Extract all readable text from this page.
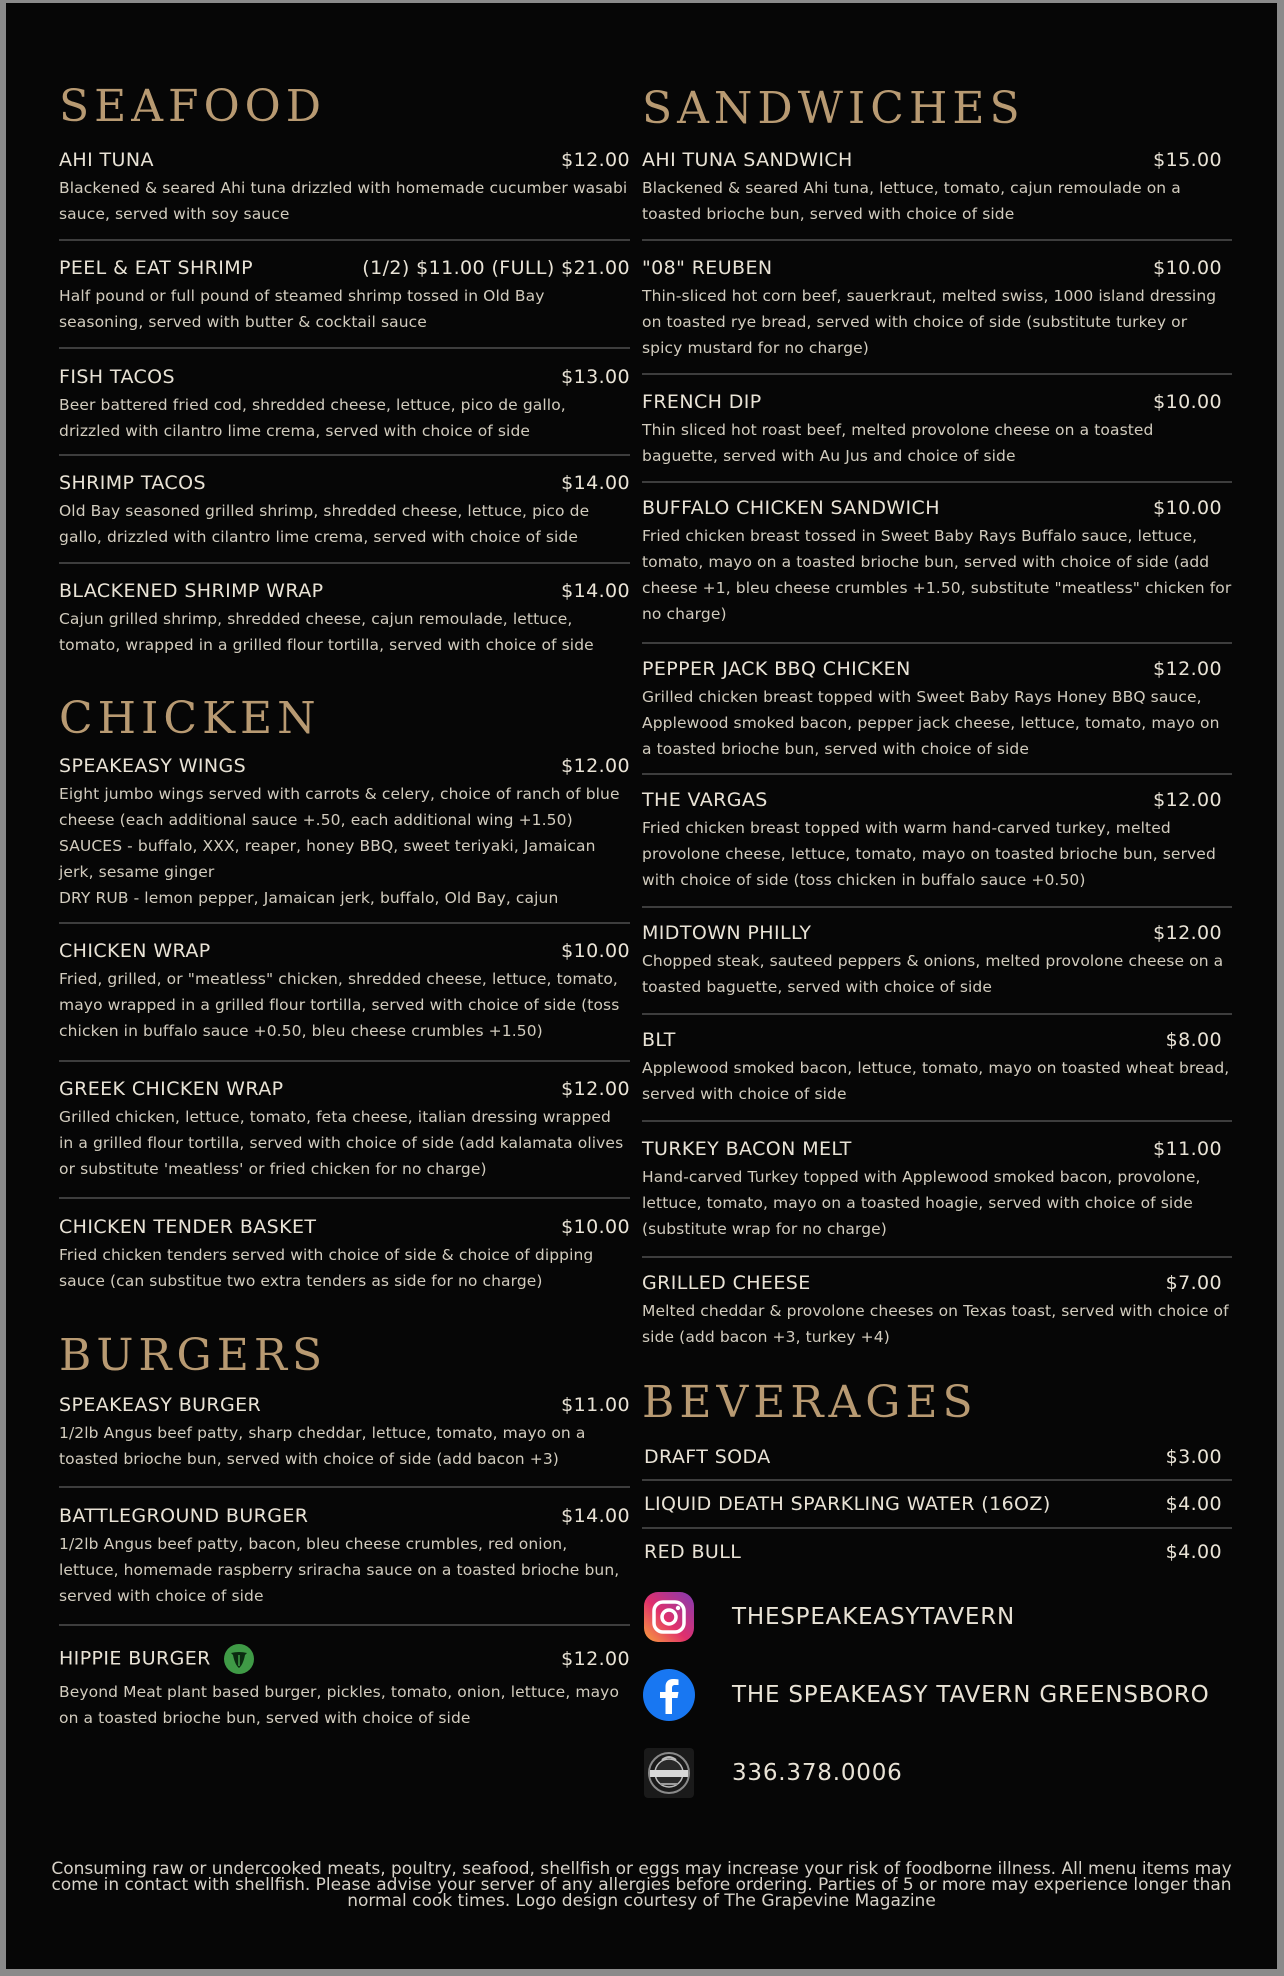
SEAFOOD
AHI TUNA	$12.00
Blackened & seared Ahi tuna drizzled with homemade cucumber wasabi sauce, served with soy sauce
PEEL & EAT SHRIMP	(1/2) $11.00 (FULL) $21.00
Half pound or full pound of steamed shrimp tossed in Old Bay seasoning, served with butter & cocktail sauce
FISH TACOS	$13.00
Beer battered fried cod, shredded cheese, lettuce, pico de gallo, drizzled with cilantro lime crema, served with choice of side
SHRIMP TACOS	$14.00
Old Bay seasoned grilled shrimp, shredded cheese, lettuce, pico de gallo, drizzled with cilantro lime crema, served with choice of side
BLACKENED SHRIMP WRAP	$14.00
Cajun grilled shrimp, shredded cheese, cajun remoulade, lettuce, tomato, wrapped in a grilled flour tortilla, served with choice of side
CHICKEN
SPEAKEASY WINGS	$12.00
Eight jumbo wings served with carrots & celery, choice of ranch of blue cheese (each additional sauce +.50, each additional wing +1.50)
SAUCES - buffalo, XXX, reaper, honey BBQ, sweet teriyaki, Jamaican jerk, sesame ginger
DRY RUB - lemon pepper, Jamaican jerk, buffalo, Old Bay, cajun
CHICKEN WRAP	$10.00
Fried, grilled, or "meatless" chicken, shredded cheese, lettuce, tomato, mayo wrapped in a grilled flour tortilla, served with choice of side (toss chicken in buffalo sauce +0.50, bleu cheese crumbles +1.50)
GREEK CHICKEN WRAP	$12.00
Grilled chicken, lettuce, tomato, feta cheese, italian dressing wrapped in a grilled flour tortilla, served with choice of side (add kalamata olives or substitute 'meatless' or fried chicken for no charge)
CHICKEN TENDER BASKET	$10.00
Fried chicken tenders served with choice of side & choice of dipping sauce (can substitue two extra tenders as side for no charge)
BURGERS
SPEAKEASY BURGER	$11.00
1/2lb Angus beef patty, sharp cheddar, lettuce, tomato, mayo on a toasted brioche bun, served with choice of side (add bacon +3)
BATTLEGROUND BURGER	$14.00
1/2lb Angus beef patty, bacon, bleu cheese crumbles, red onion, lettuce, homemade raspberry sriracha sauce on a toasted brioche bun, served with choice of side
HIPPIE BURGER	$12.00
Beyond Meat plant based burger, pickles, tomato, onion, lettuce, mayo on a toasted brioche bun, served with choice of side
SANDWICHES
AHI TUNA SANDWICH	$15.00
Blackened & seared Ahi tuna, lettuce, tomato, cajun remoulade on a toasted brioche bun, served with choice of side
"08" REUBEN	$10.00
Thin-sliced hot corn beef, sauerkraut, melted swiss, 1000 island dressing on toasted rye bread, served with choice of side (substitute turkey or spicy mustard for no charge)
FRENCH DIP	$10.00
Thin sliced hot roast beef, melted provolone cheese on a toasted baguette, served with Au Jus and choice of side
BUFFALO CHICKEN SANDWICH	$10.00
Fried chicken breast tossed in Sweet Baby Rays Buffalo sauce, lettuce, tomato, mayo on a toasted brioche bun, served with choice of side (add cheese +1, bleu cheese crumbles +1.50, substitute "meatless" chicken for no charge)
PEPPER JACK BBQ CHICKEN	$12.00
Grilled chicken breast topped with Sweet Baby Rays Honey BBQ sauce, Applewood smoked bacon, pepper jack cheese, lettuce, tomato, mayo on a toasted brioche bun, served with choice of side
THE VARGAS	$12.00
Fried chicken breast topped with warm hand-carved turkey, melted provolone cheese, lettuce, tomato, mayo on toasted brioche bun, served with choice of side (toss chicken in buffalo sauce +0.50)
MIDTOWN PHILLY	$12.00
Chopped steak, sauteed peppers & onions, melted provolone cheese on a toasted baguette, served with choice of side
BLT	$8.00
Applewood smoked bacon, lettuce, tomato, mayo on toasted wheat bread, served with choice of side
TURKEY BACON MELT	$11.00
Hand-carved Turkey topped with Applewood smoked bacon, provolone, lettuce, tomato, mayo on a toasted hoagie, served with choice of side (substitute wrap for no charge)
GRILLED CHEESE	$7.00
Melted cheddar & provolone cheeses on Texas toast, served with choice of side (add bacon +3, turkey +4)
BEVERAGES
DRAFT SODA	$3.00
LIQUID DEATH SPARKLING WATER (16OZ)	$4.00
RED BULL	$4.00
THESPEAKEASYTAVERN
THE SPEAKEASY TAVERN GREENSBORO
336.378.0006
Consuming raw or undercooked meats, poultry, seafood, shellfish or eggs may increase your risk of foodborne illness. All menu items may
come in contact with shellfish. Please advise your server of any allergies before ordering. Parties of 5 or more may experience longer than
normal cook times. Logo design courtesy of The Grapevine Magazine
